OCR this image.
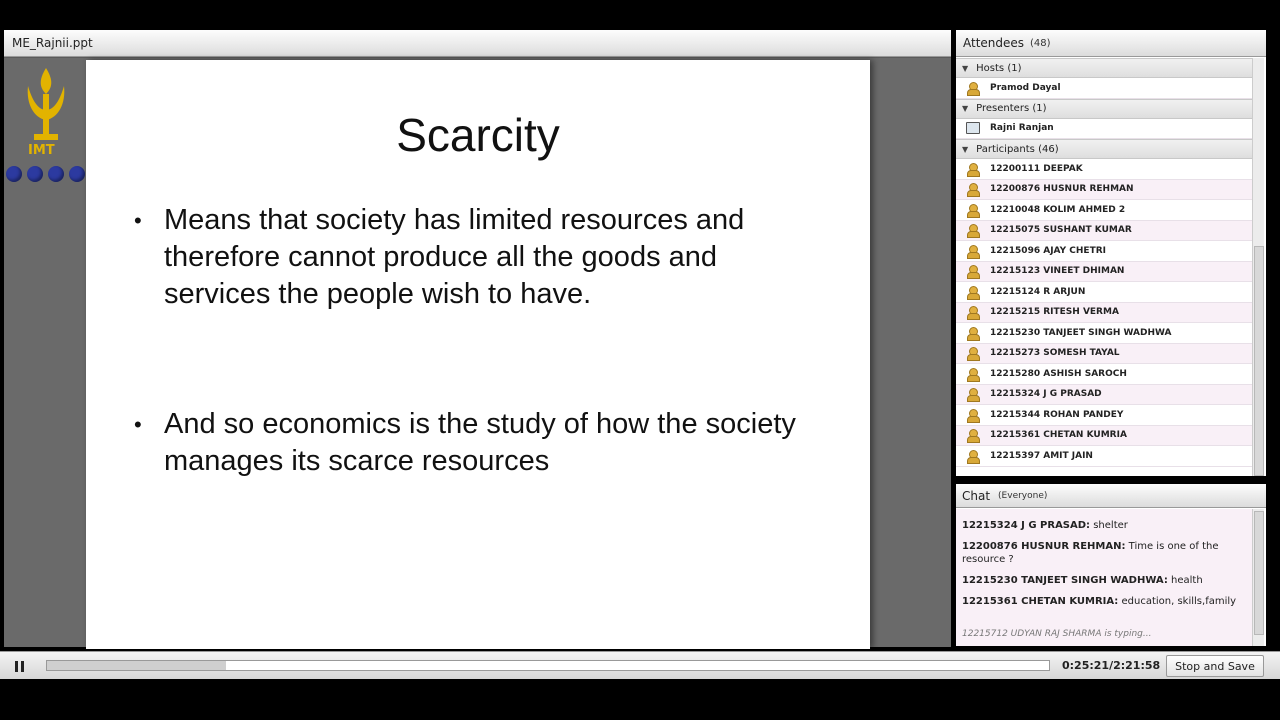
ME_Rajnii.ppt
IMT	Scarcity
• Means that society has limited resources and therefore cannot produce all the goods and services the people wish to have.
• And so economics is the study of how the society manages its scarce resources
Attendees (48)
▼ Hosts (1)
Pramod Dayal
▼ Presenters (1)
Rajni Ranjan
▼ Participants (46)
12200111 DEEPAK
12200876 HUSNUR REHMAN
12210048 KOLIM AHMED 2
12215075 SUSHANT KUMAR
12215096 AJAY CHETRI
12215123 VINEET DHIMAN
12215124 R ARJUN
12215215 RITESH VERMA
12215230 TANJEET SINGH WADHWA
12215273 SOMESH TAYAL
12215280 ASHISH SAROCH
12215324 J G PRASAD
12215344 ROHAN PANDEY
12215361 CHETAN KUMRIA
12215397 AMIT JAIN
Chat (Everyone)
12215324 J G PRASAD: shelter
12200876 HUSNUR REHMAN: Time is one of the resource ?
12215230 TANJEET SINGH WADHWA: health
12215361 CHETAN KUMRIA: education, skills,family
12215712 UDYAN RAJ SHARMA is typing...
0:25:21/2:21:58	Stop and Save
